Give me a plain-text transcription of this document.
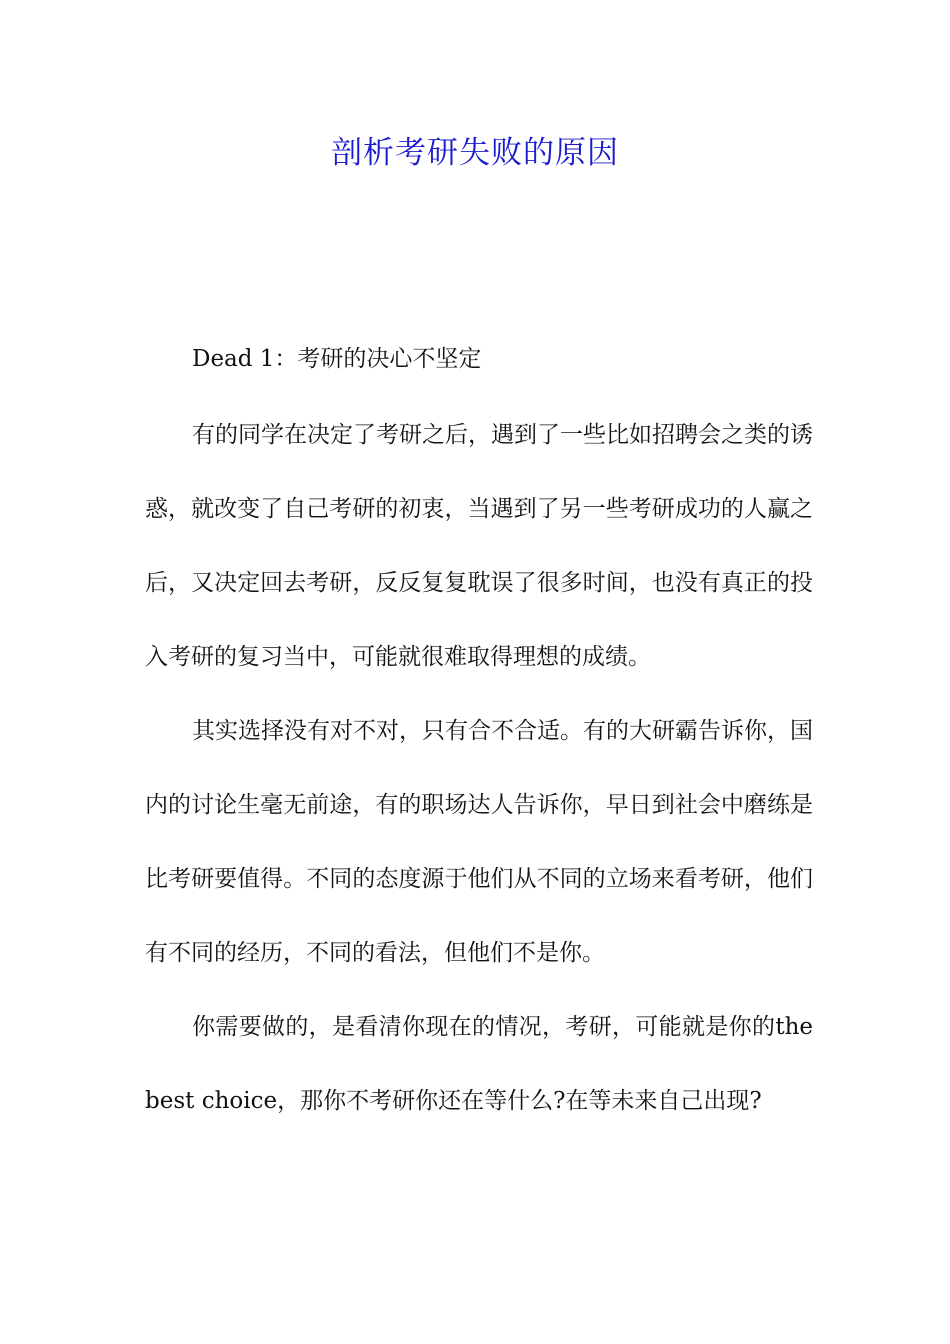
剖析考研失败的原因

Dead 1：考研的决心不坚定

有的同学在决定了考研之后，遇到了一些比如招聘会之类的诱惑，就改变了自己考研的初衷，当遇到了另一些考研成功的人赢之后，又决定回去考研，反反复复耽误了很多时间，也没有真正的投入考研的复习当中，可能就很难取得理想的成绩。

其实选择没有对不对，只有合不合适。有的大研霸告诉你，国内的讨论生毫无前途，有的职场达人告诉你，早日到社会中磨练是比考研要值得。不同的态度源于他们从不同的立场来看考研，他们有不同的经历，不同的看法，但他们不是你。

你需要做的，是看清你现在的情况，考研，可能就是你的the best choice，那你不考研你还在等什么?在等未来自己出现?
